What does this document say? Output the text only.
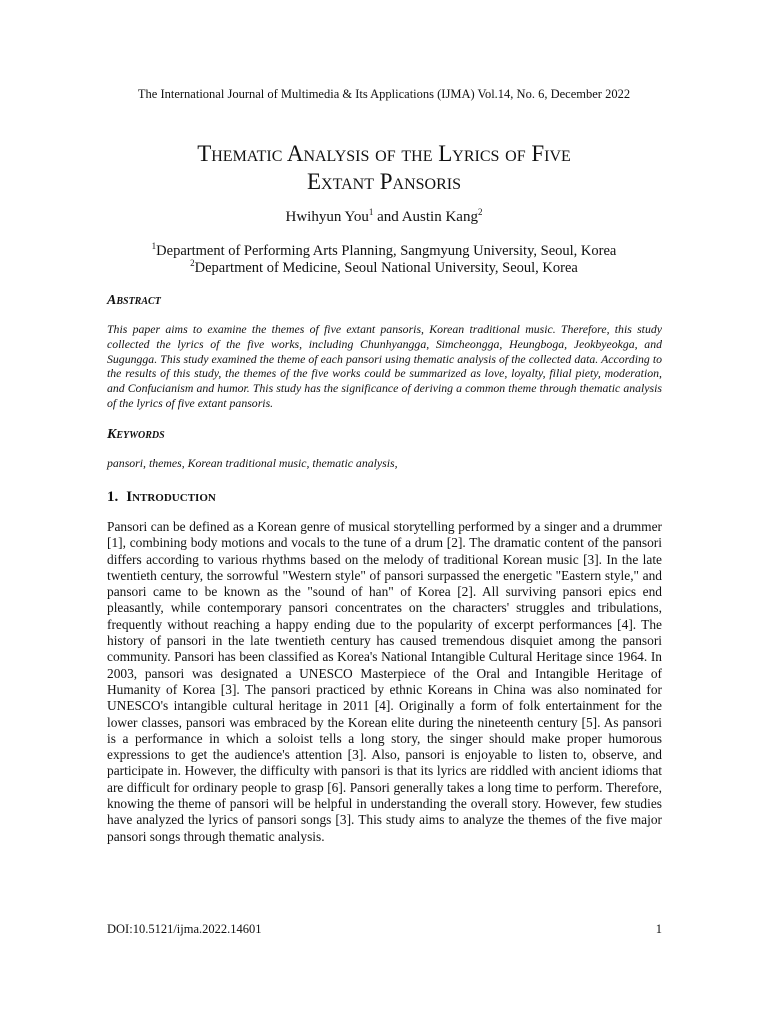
The International Journal of Multimedia & Its Applications (IJMA) Vol.14, No. 6, December 2022
Thematic Analysis of the Lyrics of Five
Extant Pansoris
Hwihyun You$^1$ and Austin Kang$^2$
$^1$Department of Performing Arts Planning, Sangmyung University, Seoul, Korea
$^2$Department of Medicine, Seoul National University, Seoul, Korea
Abstract

This paper aims to examine the themes of five extant pansoris, Korean traditional music. Therefore, this study collected the lyrics of the five works, including Chunhyangga, Simcheongga, Heungboga, Jeokbyeokga, and Sugungga. This study examined the theme of each pansori using thematic analysis of the collected data. According to the results of this study, the themes of the five works could be summarized as love, loyalty, filial piety, moderation, and Confucianism and humor. This study has the significance of deriving a common theme through thematic analysis of the lyrics of five extant pansoris.

Keywords

pansori, themes, Korean traditional music, thematic analysis,

1. Introduction

Pansori can be defined as a Korean genre of musical storytelling performed by a singer and a drummer [1], combining body motions and vocals to the tune of a drum [2]. The dramatic content of the pansori differs according to various rhythms based on the melody of traditional Korean music [3]. In the late twentieth century, the sorrowful "Western style" of pansori surpassed the energetic "Eastern style," and pansori came to be known as the "sound of han" of Korea [2]. All surviving pansori epics end pleasantly, while contemporary pansori concentrates on the characters' struggles and tribulations, frequently without reaching a happy ending due to the popularity of excerpt performances [4]. The history of pansori in the late twentieth century has caused tremendous disquiet among the pansori community. Pansori has been classified as Korea's National Intangible Cultural Heritage since 1964. In 2003, pansori was designated a UNESCO Masterpiece of the Oral and Intangible Heritage of Humanity of Korea [3]. The pansori practiced by ethnic Koreans in China was also nominated for UNESCO's intangible cultural heritage in 2011 [4]. Originally a form of folk entertainment for the lower classes, pansori was embraced by the Korean elite during the nineteenth century [5]. As pansori is a performance in which a soloist tells a long story, the singer should make proper humorous expressions to get the audience's attention [3]. Also, pansori is enjoyable to listen to, observe, and participate in. However, the difficulty with pansori is that its lyrics are riddled with ancient idioms that are difficult for ordinary people to grasp [6]. Pansori generally takes a long time to perform. Therefore, knowing the theme of pansori will be helpful in understanding the overall story. However, few studies have analyzed the lyrics of pansori songs [3]. This study aims to analyze the themes of the five major pansori songs through thematic analysis.

DOI:10.5121/ijma.2022.14601	1
